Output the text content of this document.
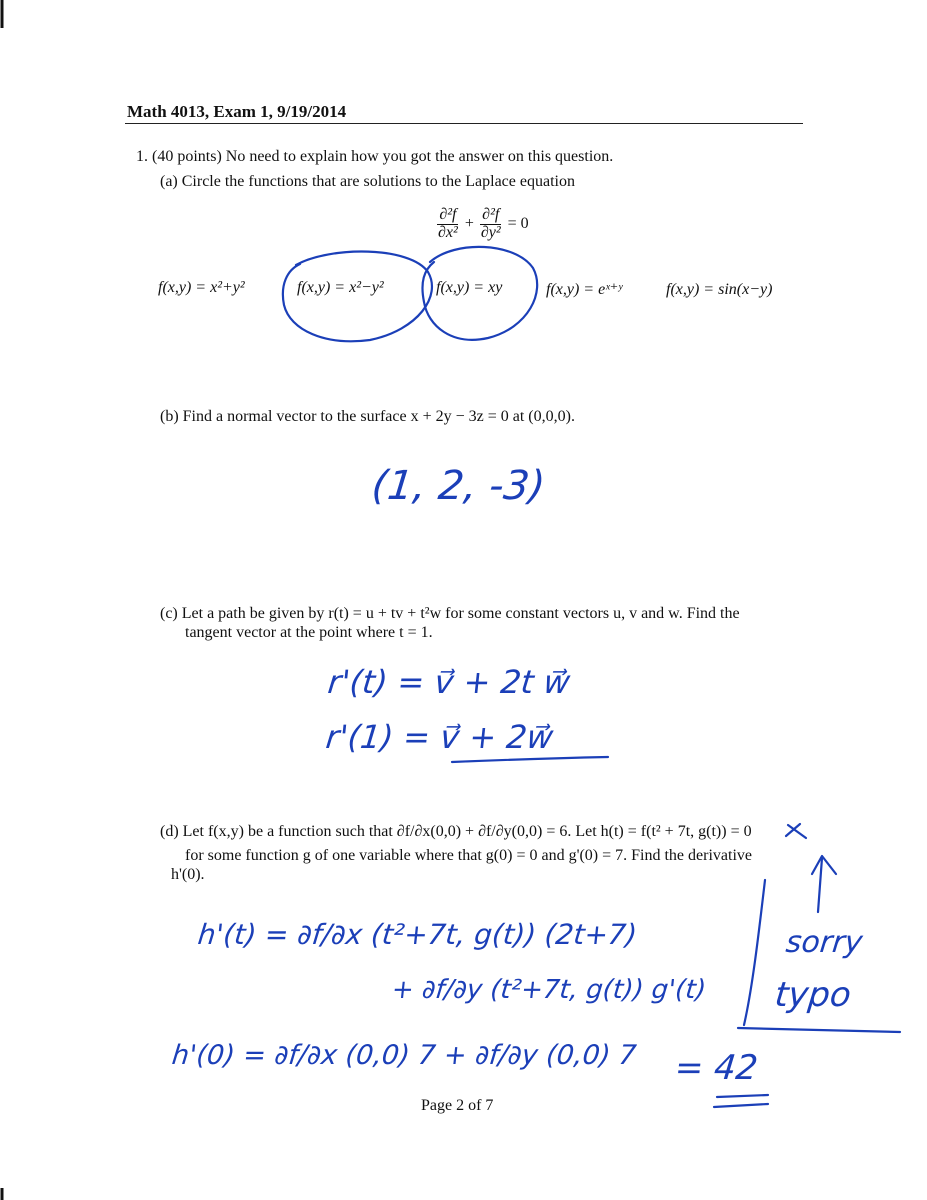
Math 4013, Exam 1, 9/19/2014
1. (40 points) No need to explain how you got the answer on this question.
(a) Circle the functions that are solutions to the Laplace equation
$\frac{\text{∂²f}}{\text{∂x²}} + \frac{\text{∂²f}}{\text{∂y²}} = 0$
f(x,y) = x²+y²	f(x,y) = x²−y²	f(x,y) = xy	f(x,y) = eˣ⁺ʸ	f(x,y) = sin(x−y)
(b) Find a normal vector to the surface x + 2y − 3z = 0 at (0,0,0).
(1, 2, -3)
(c) Let a path be given by r(t) = u + tv + t²w for some constant vectors u, v and w. Find the
tangent vector at the point where t = 1.
r'(t) = v⃗ + 2t w⃗
r'(1) = v⃗ + 2w⃗
(d) Let f(x,y) be a function such that ∂f/∂x(0,0) + ∂f/∂y(0,0) = 6. Let h(t) = f(t² + 7t, g(t)) = 0
for some function g of one variable where that g(0) = 0 and g'(0) = 7. Find the derivative
h'(0).
h'(t) = ∂f/∂x (t²+7t, g(t)) (2t+7)
+ ∂f/∂y (t²+7t, g(t)) g'(t)
h'(0) = ∂f/∂x (0,0) 7 + ∂f/∂y (0,0) 7 = 42
sorry
typo
Page 2 of 7
